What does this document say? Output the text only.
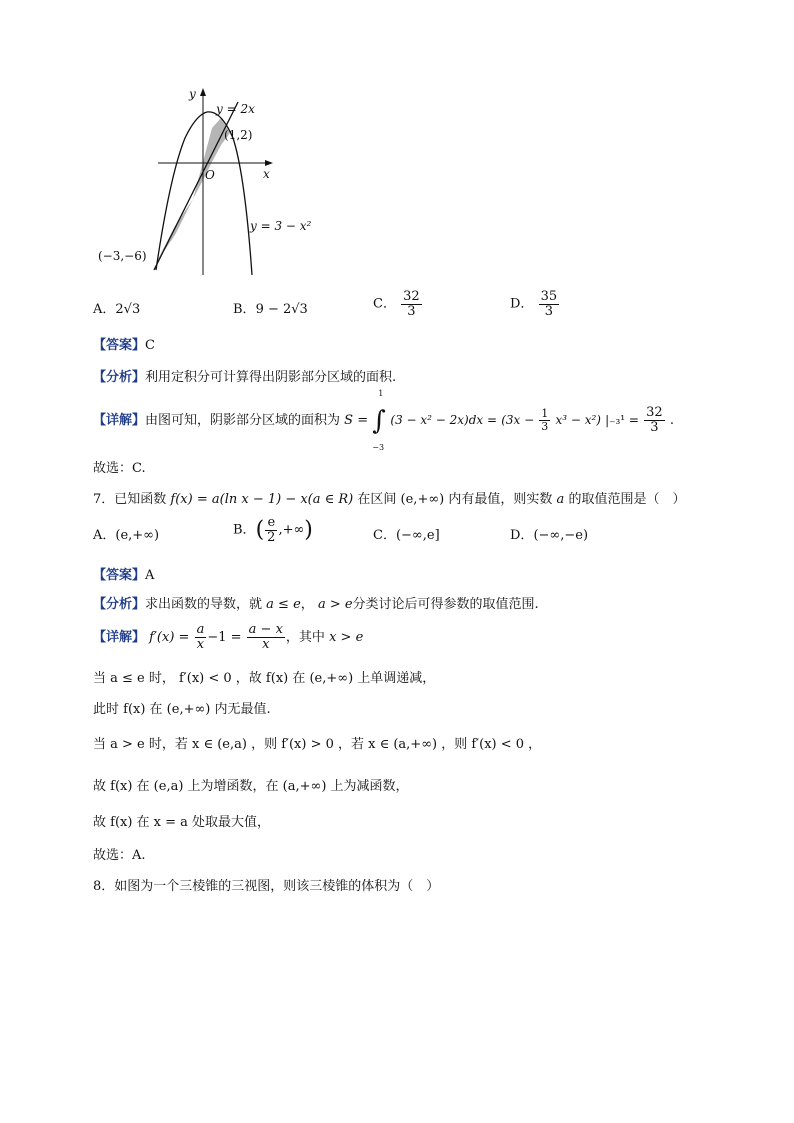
y
x
O
y = 2x
y = 3 − x²
(1,2)
(−3,−6)
A．2√3	B．9 − 2√3	C． $\frac{32}{3}$	D． $\frac{35}{3}$
【答案】C
【分析】利用定积分可计算得出阴影部分区域的面积.
【详解】由图可知，阴影部分区域的面积为 S =
1
∫
−3
$(3 - x^2 - 2x)dx = (3x - \frac{1}{3} x^3 - x^2)$ $|_{-3}^1 = \frac{32}{3}$ .
故选：C.
7．已知函数 f(x) = a(ln x − 1) − x(a ∈ R) 在区间 (e,+∞) 内有最值，则实数 a 的取值范围是（　）
A．(e,+∞)	B．( $\frac{e}{2}$ ,+∞)	C．(−∞,e]	D．(−∞,−e)
【答案】A
【分析】求出函数的导数，就 a ≤ e， a > e分类讨论后可得参数的取值范围.
【详解】 $f'(x) = \frac{a}{x} -1 = \frac{a - x}{x}$ ，其中 x > e
当 a ≤ e 时， f′(x) < 0 ，故 f(x) 在 (e,+∞) 上单调递减，
此时 f(x) 在 (e,+∞) 内无最值.
当 a > e 时，若 x ∈ (e,a) ，则 f′(x) > 0 ，若 x ∈ (a,+∞) ，则 f′(x) < 0 ，
故 f(x) 在 (e,a) 上为增函数，在 (a,+∞) 上为减函数，
故 f(x) 在 x = a 处取最大值，
故选：A.
8．如图为一个三棱锥的三视图，则该三棱锥的体积为（　）
